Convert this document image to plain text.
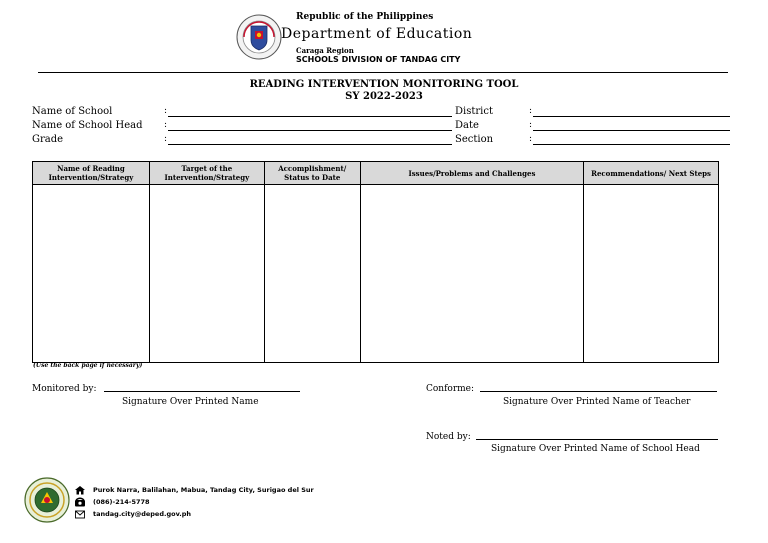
Republic of the Philippines
Department of Education
Caraga Region
SCHOOLS DIVISION OF TANDAG CITY
READING INTERVENTION MONITORING TOOL
SY 2022-2023
Name of School	:
Name of School Head :
Grade	:
District	:
Date	:
Section	:
Name of Reading Intervention/Strategy	Target of the Intervention/Strategy	Accomplishment/ Status to Date	Issues/Problems and Challenges	Recommendations/ Next Steps

(Use the back page if necessary)
Monitored by:
Signature Over Printed Name
Conforme:
Signature Over Printed Name of Teacher
Noted by:
Signature Over Printed Name of School Head
Purok Narra, Balilahan, Mabua, Tandag City, Surigao del Sur
(086)-214-5778
tandag.city@deped.gov.ph
